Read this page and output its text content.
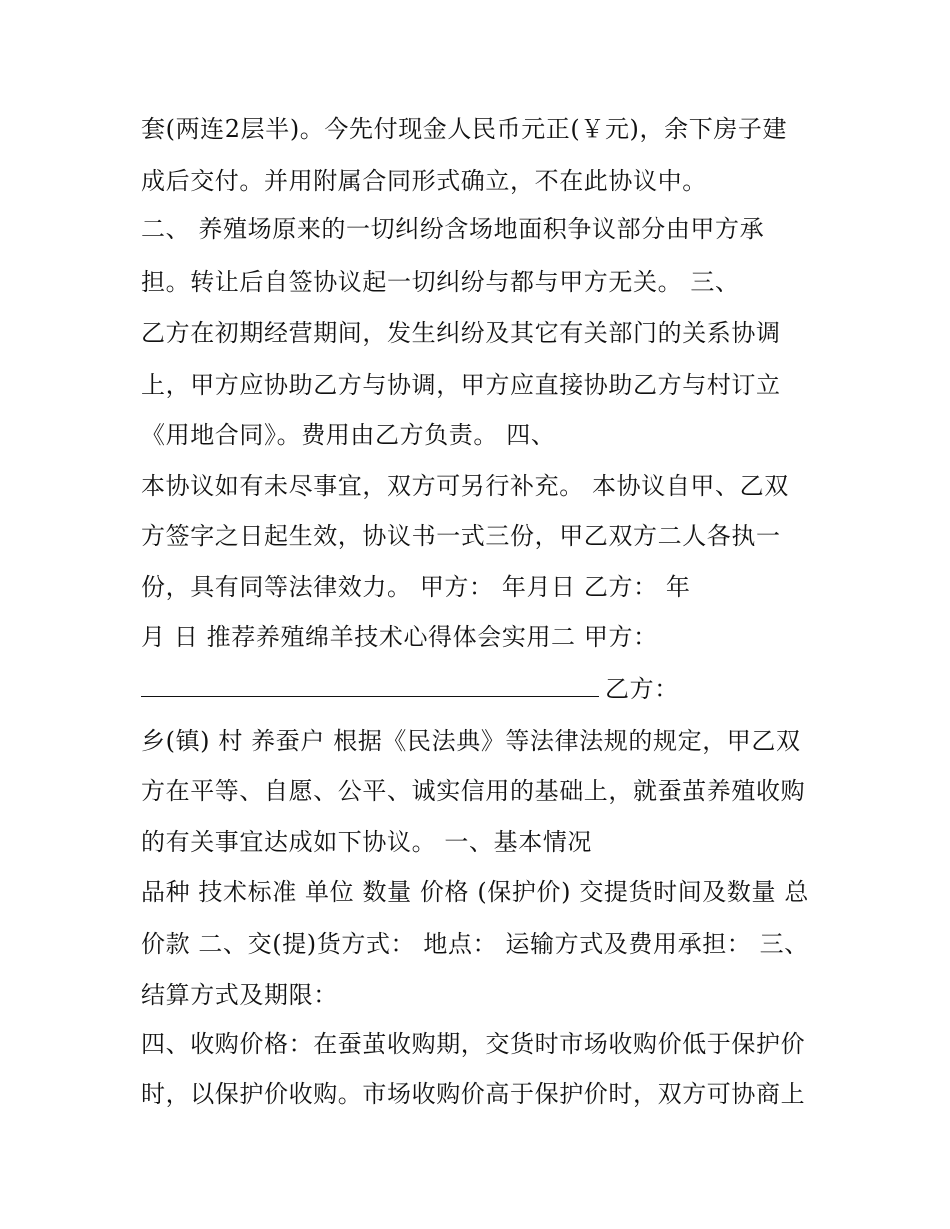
套(两连2层半)。今先付现金人民币元正(￥元)，余下房子建
成后交付。并用附属合同形式确立，不在此协议中。
二、 养殖场原来的一切纠纷含场地面积争议部分由甲方承
担。转让后自签协议起一切纠纷与都与甲方无关。 三、
乙方在初期经营期间，发生纠纷及其它有关部门的关系协调
上，甲方应协助乙方与协调，甲方应直接协助乙方与村订立
《用地合同》。费用由乙方负责。 四、
本协议如有未尽事宜，双方可另行补充。 本协议自甲、乙双
方签字之日起生效，协议书一式三份，甲乙双方二人各执一
份，具有同等法律效力。 甲方： 年月日 乙方： 年
月 日 推荐养殖绵羊技术心得体会实用二 甲方：
乙方：
乡(镇) 村 养蚕户 根据《民法典》等法律法规的规定，甲乙双
方在平等、自愿、公平、诚实信用的基础上，就蚕茧养殖收购
的有关事宜达成如下协议。 一、基本情况
品种 技术标准 单位 数量 价格 (保护价) 交提货时间及数量 总
价款 二、交(提)货方式： 地点： 运输方式及费用承担： 三、
结算方式及期限：
四、收购价格：在蚕茧收购期，交货时市场收购价低于保护价
时，以保护价收购。市场收购价高于保护价时，双方可协商上
